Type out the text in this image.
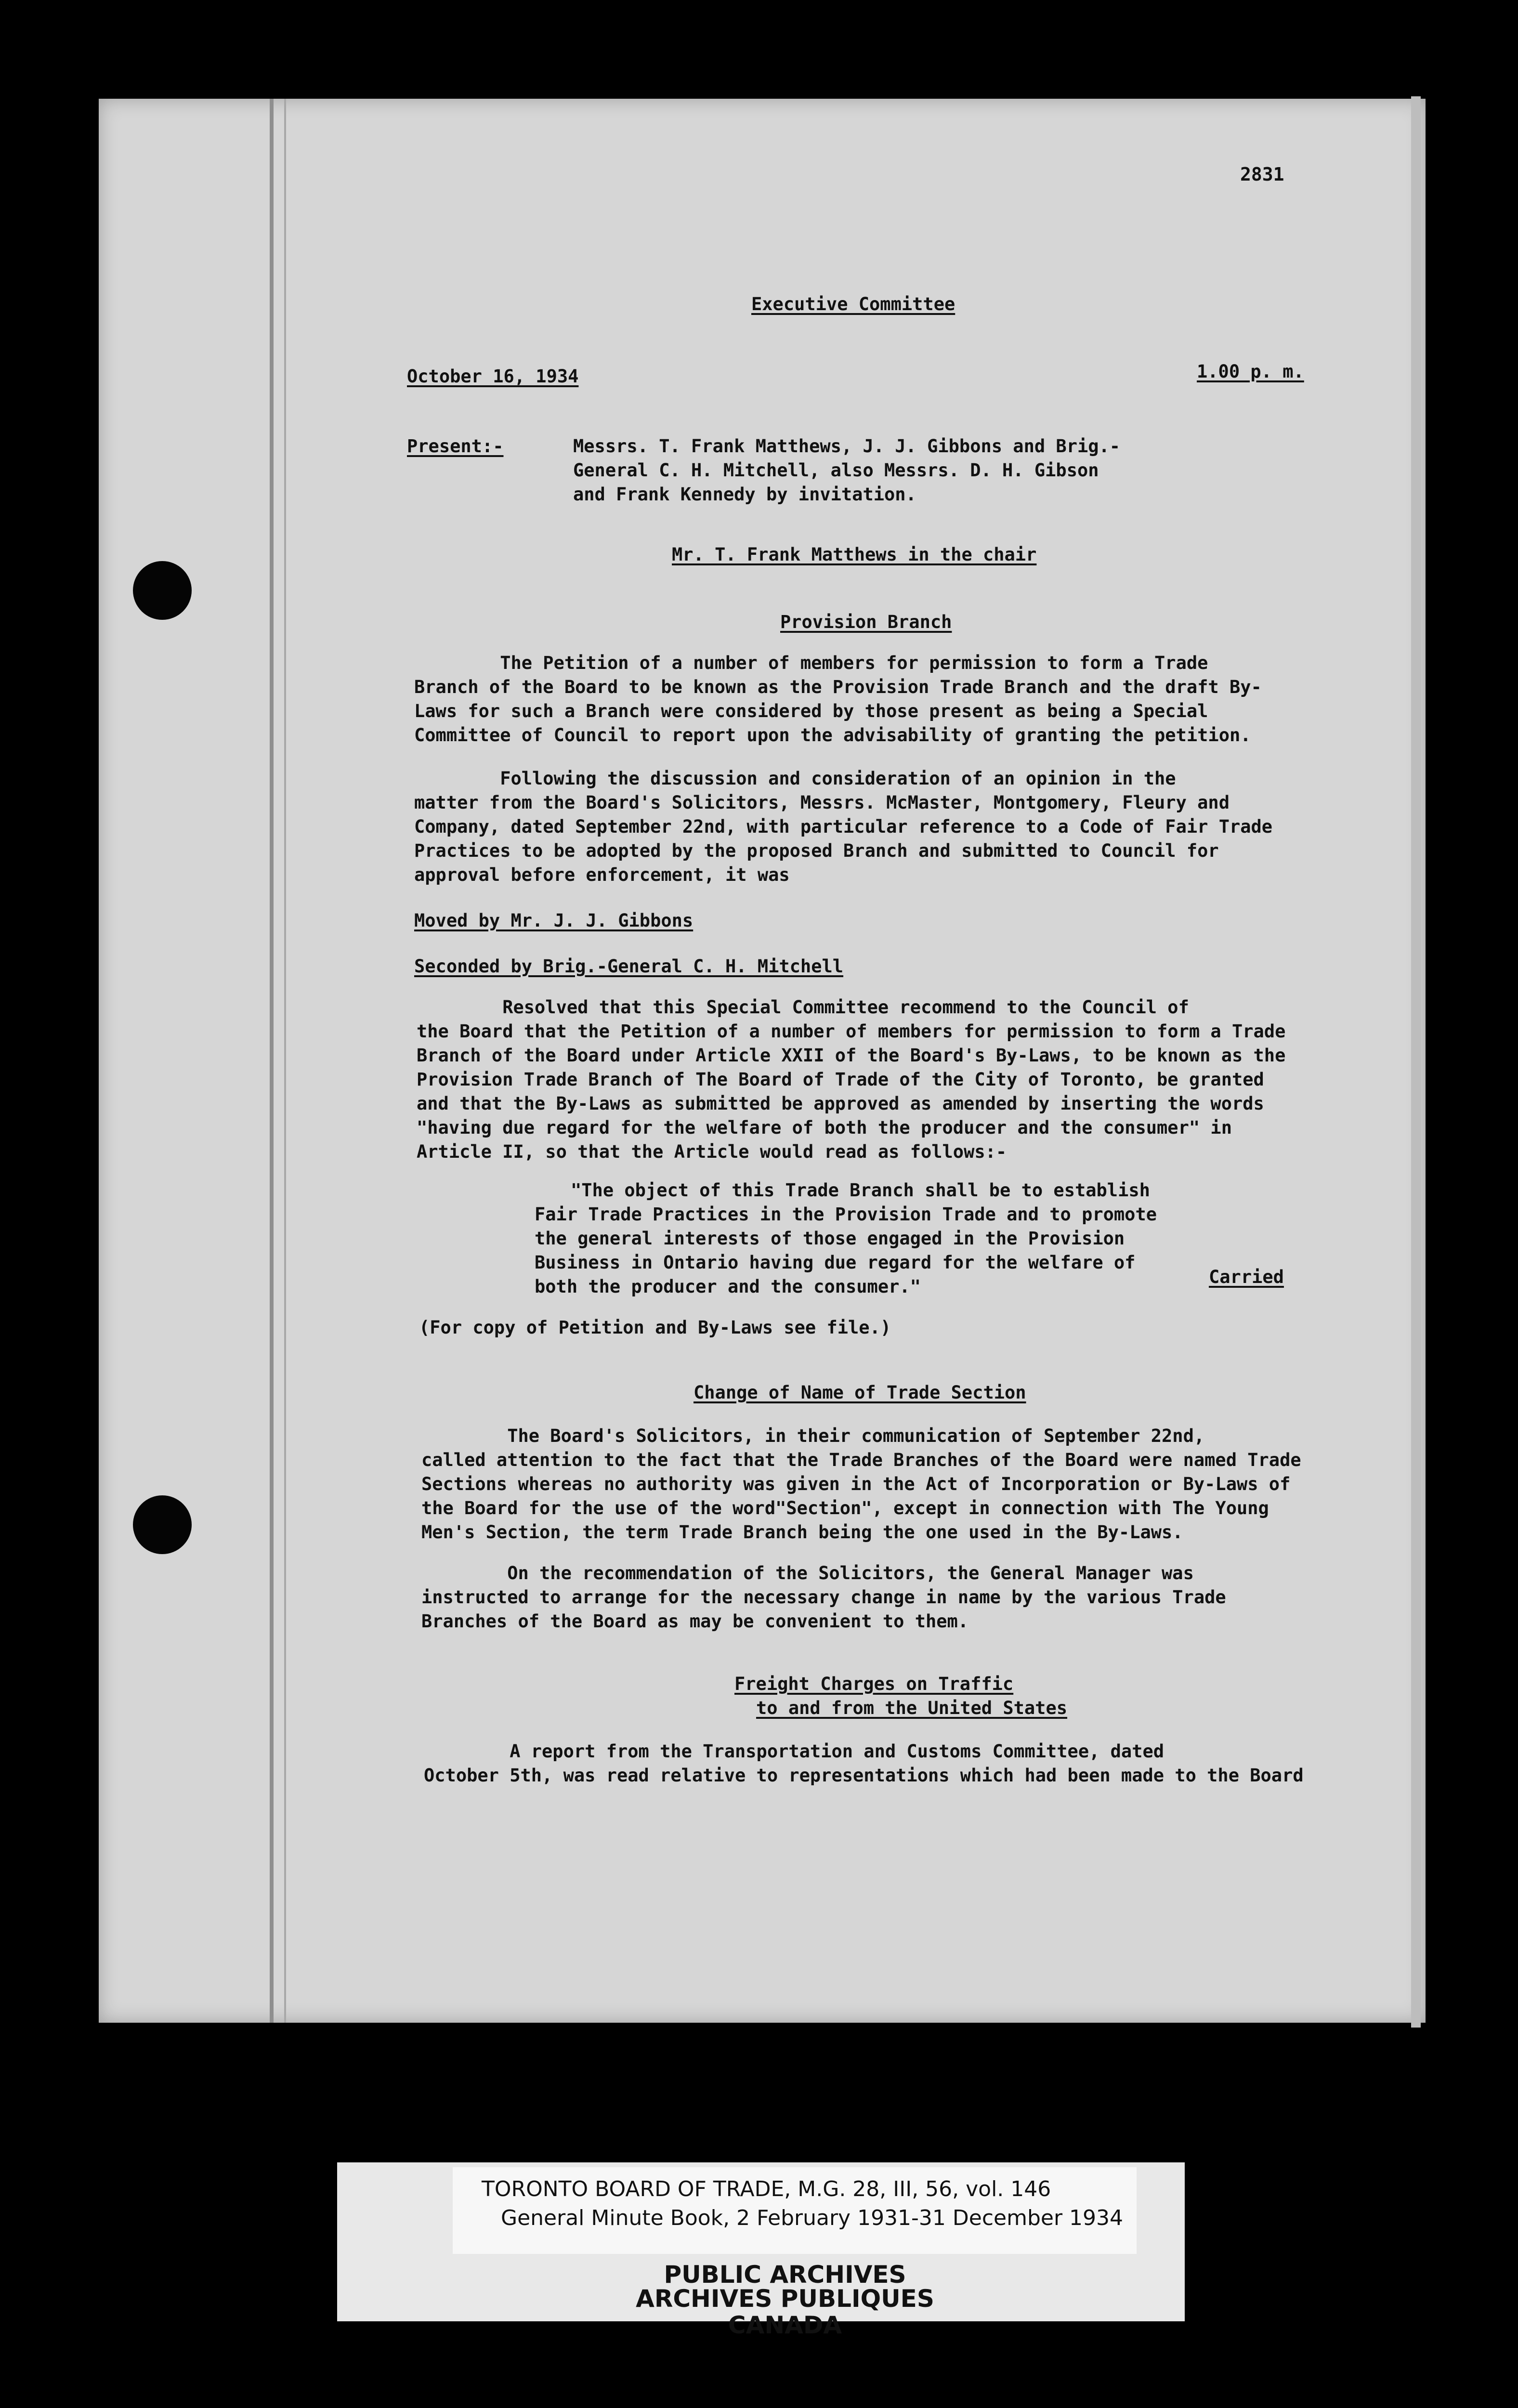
2831
Executive Committee
October 16, 1934	1.00 p. m.
Present:-	Messrs. T. Frank Matthews, J. J. Gibbons and Brig.-
General C. H. Mitchell, also Messrs. D. H. Gibson
and Frank Kennedy by invitation.
Mr. T. Frank Matthews in the chair
Provision Branch
The Petition of a number of members for permission to form a Trade
Branch of the Board to be known as the Provision Trade Branch and the draft By-
Laws for such a Branch were considered by those present as being a Special
Committee of Council to report upon the advisability of granting the petition.
Following the discussion and consideration of an opinion in the
matter from the Board's Solicitors, Messrs. McMaster, Montgomery, Fleury and
Company, dated September 22nd, with particular reference to a Code of Fair Trade
Practices to be adopted by the proposed Branch and submitted to Council for
approval before enforcement, it was
Moved by Mr. J. J. Gibbons
Seconded by Brig.-General C. H. Mitchell
Resolved that this Special Committee recommend to the Council of
the Board that the Petition of a number of members for permission to form a Trade
Branch of the Board under Article XXII of the Board's By-Laws, to be known as the
Provision Trade Branch of The Board of Trade of the City of Toronto, be granted
and that the By-Laws as submitted be approved as amended by inserting the words
"having due regard for the welfare of both the producer and the consumer" in
Article II, so that the Article would read as follows:-
"The object of this Trade Branch shall be to establish
Fair Trade Practices in the Provision Trade and to promote
the general interests of those engaged in the Provision
Business in Ontario having due regard for the welfare of
both the producer and the consumer."	Carried
(For copy of Petition and By-Laws see file.)
Change of Name of Trade Section
The Board's Solicitors, in their communication of September 22nd,
called attention to the fact that the Trade Branches of the Board were named Trade
Sections whereas no authority was given in the Act of Incorporation or By-Laws of
the Board for the use of the word"Section", except in connection with The Young
Men's Section, the term Trade Branch being the one used in the By-Laws.
On the recommendation of the Solicitors, the General Manager was
instructed to arrange for the necessary change in name by the various Trade
Branches of the Board as may be convenient to them.
Freight Charges on Traffic
to and from the United States
A report from the Transportation and Customs Committee, dated
October 5th, was read relative to representations which had been made to the Board
TORONTO BOARD OF TRADE, M.G. 28, III, 56, vol. 146
General Minute Book, 2 February 1931-31 December 1934
PUBLIC ARCHIVES
ARCHIVES PUBLIQUES
CANADA
